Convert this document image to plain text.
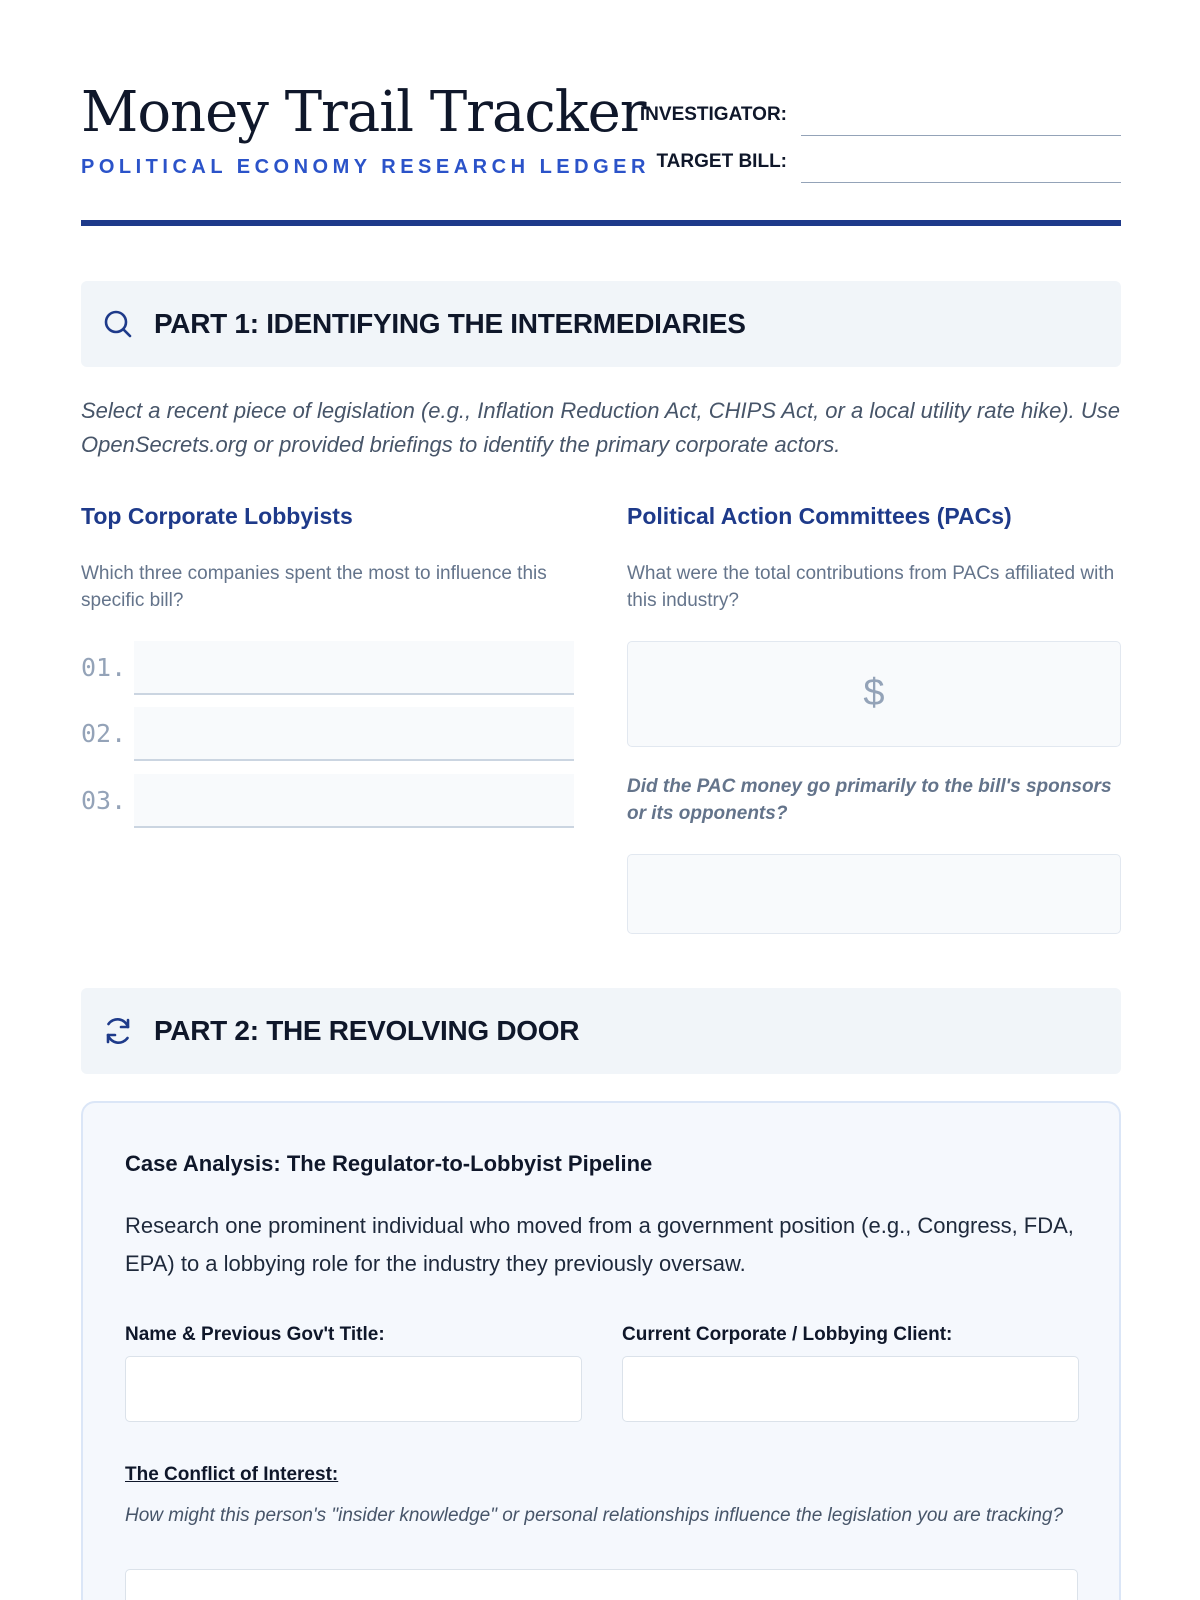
Money Trail Tracker
POLITICAL ECONOMY RESEARCH LEDGER
INVESTIGATOR:
TARGET BILL:
PART 1: IDENTIFYING THE INTERMEDIARIES
Select a recent piece of legislation (e.g., Inflation Reduction Act, CHIPS Act, or a local utility rate hike). Use OpenSecrets.org or provided briefings to identify the primary corporate actors.
Top Corporate Lobbyists
Which three companies spent the most to influence this specific bill?
01.
02.
03.
Political Action Committees (PACs)
What were the total contributions from PACs affiliated with this industry?
$
Did the PAC money go primarily to the bill's sponsors or its opponents?
PART 2: THE REVOLVING DOOR
Case Analysis: The Regulator-to-Lobbyist Pipeline
Research one prominent individual who moved from a government position (e.g., Congress, FDA, EPA) to a lobbying role for the industry they previously oversaw.
Name & Previous Gov't Title:	Current Corporate / Lobbying Client:
The Conflict of Interest:
How might this person's "insider knowledge" or personal relationships influence the legislation you are tracking?
